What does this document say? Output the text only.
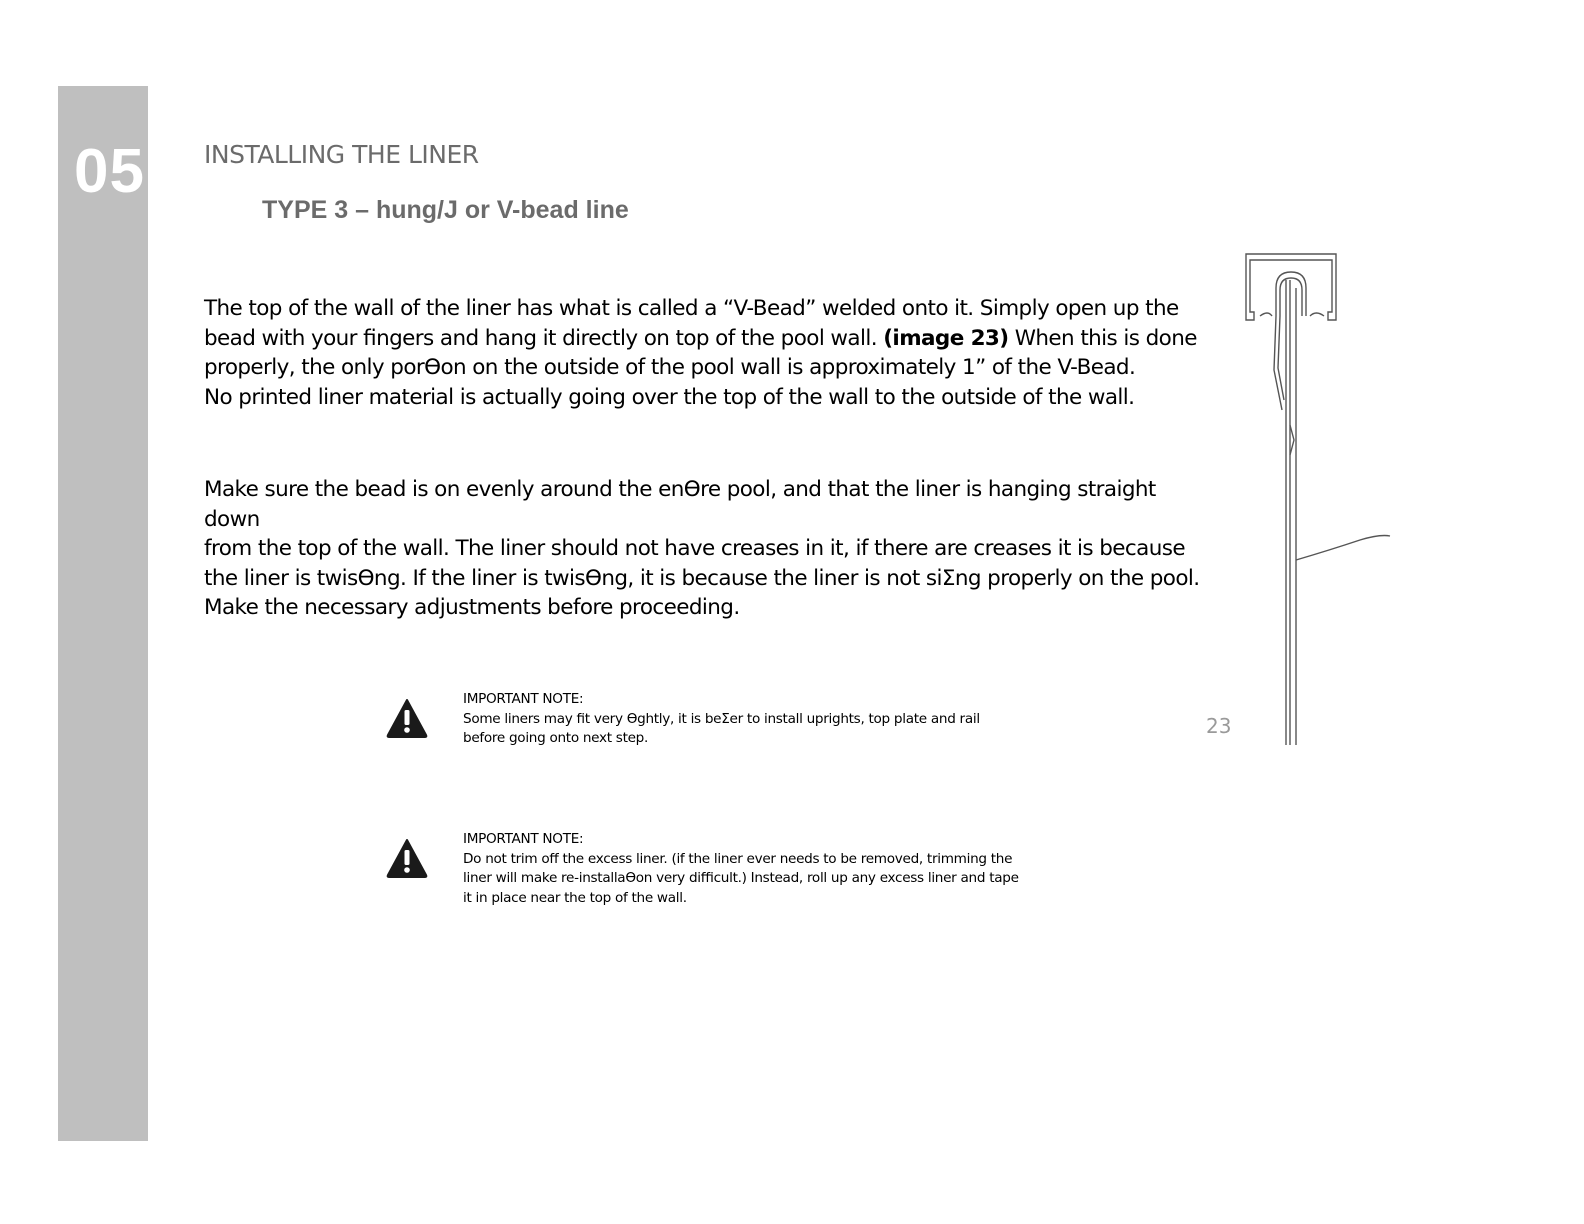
05 INSTALLING THE LINER
TYPE 3 – hung/J or V-bead line
The top of the wall of the liner has what is called a “V-Bead” welded onto it. Simply open up the
bead with your ﬁngers and hang it directly on top of the pool wall. (image 23) When this is done
properly, the only porƟon on the outside of the pool wall is approximately 1” of the V-Bead.
No printed liner material is actually going over the top of the wall to the outside of the wall.
Make sure the bead is on evenly around the enƟre pool, and that the liner is hanging straight down
from the top of the wall. The liner should not have creases in it, if there are creases it is because
the liner is twisƟng. If the liner is twisƟng, it is because the liner is not siƩng properly on the pool.
Make the necessary adjustments before proceeding.
IMPORTANT NOTE:
Some liners may ﬁt very Ɵghtly, it is beƩer to install uprights, top plate and rail
before going onto next step.
IMPORTANT NOTE:
Do not trim oﬀ the excess liner. (if the liner ever needs to be removed, trimming the
liner will make re-installaƟon very diﬃcult.) Instead, roll up any excess liner and tape
it in place near the top of the wall.
23
